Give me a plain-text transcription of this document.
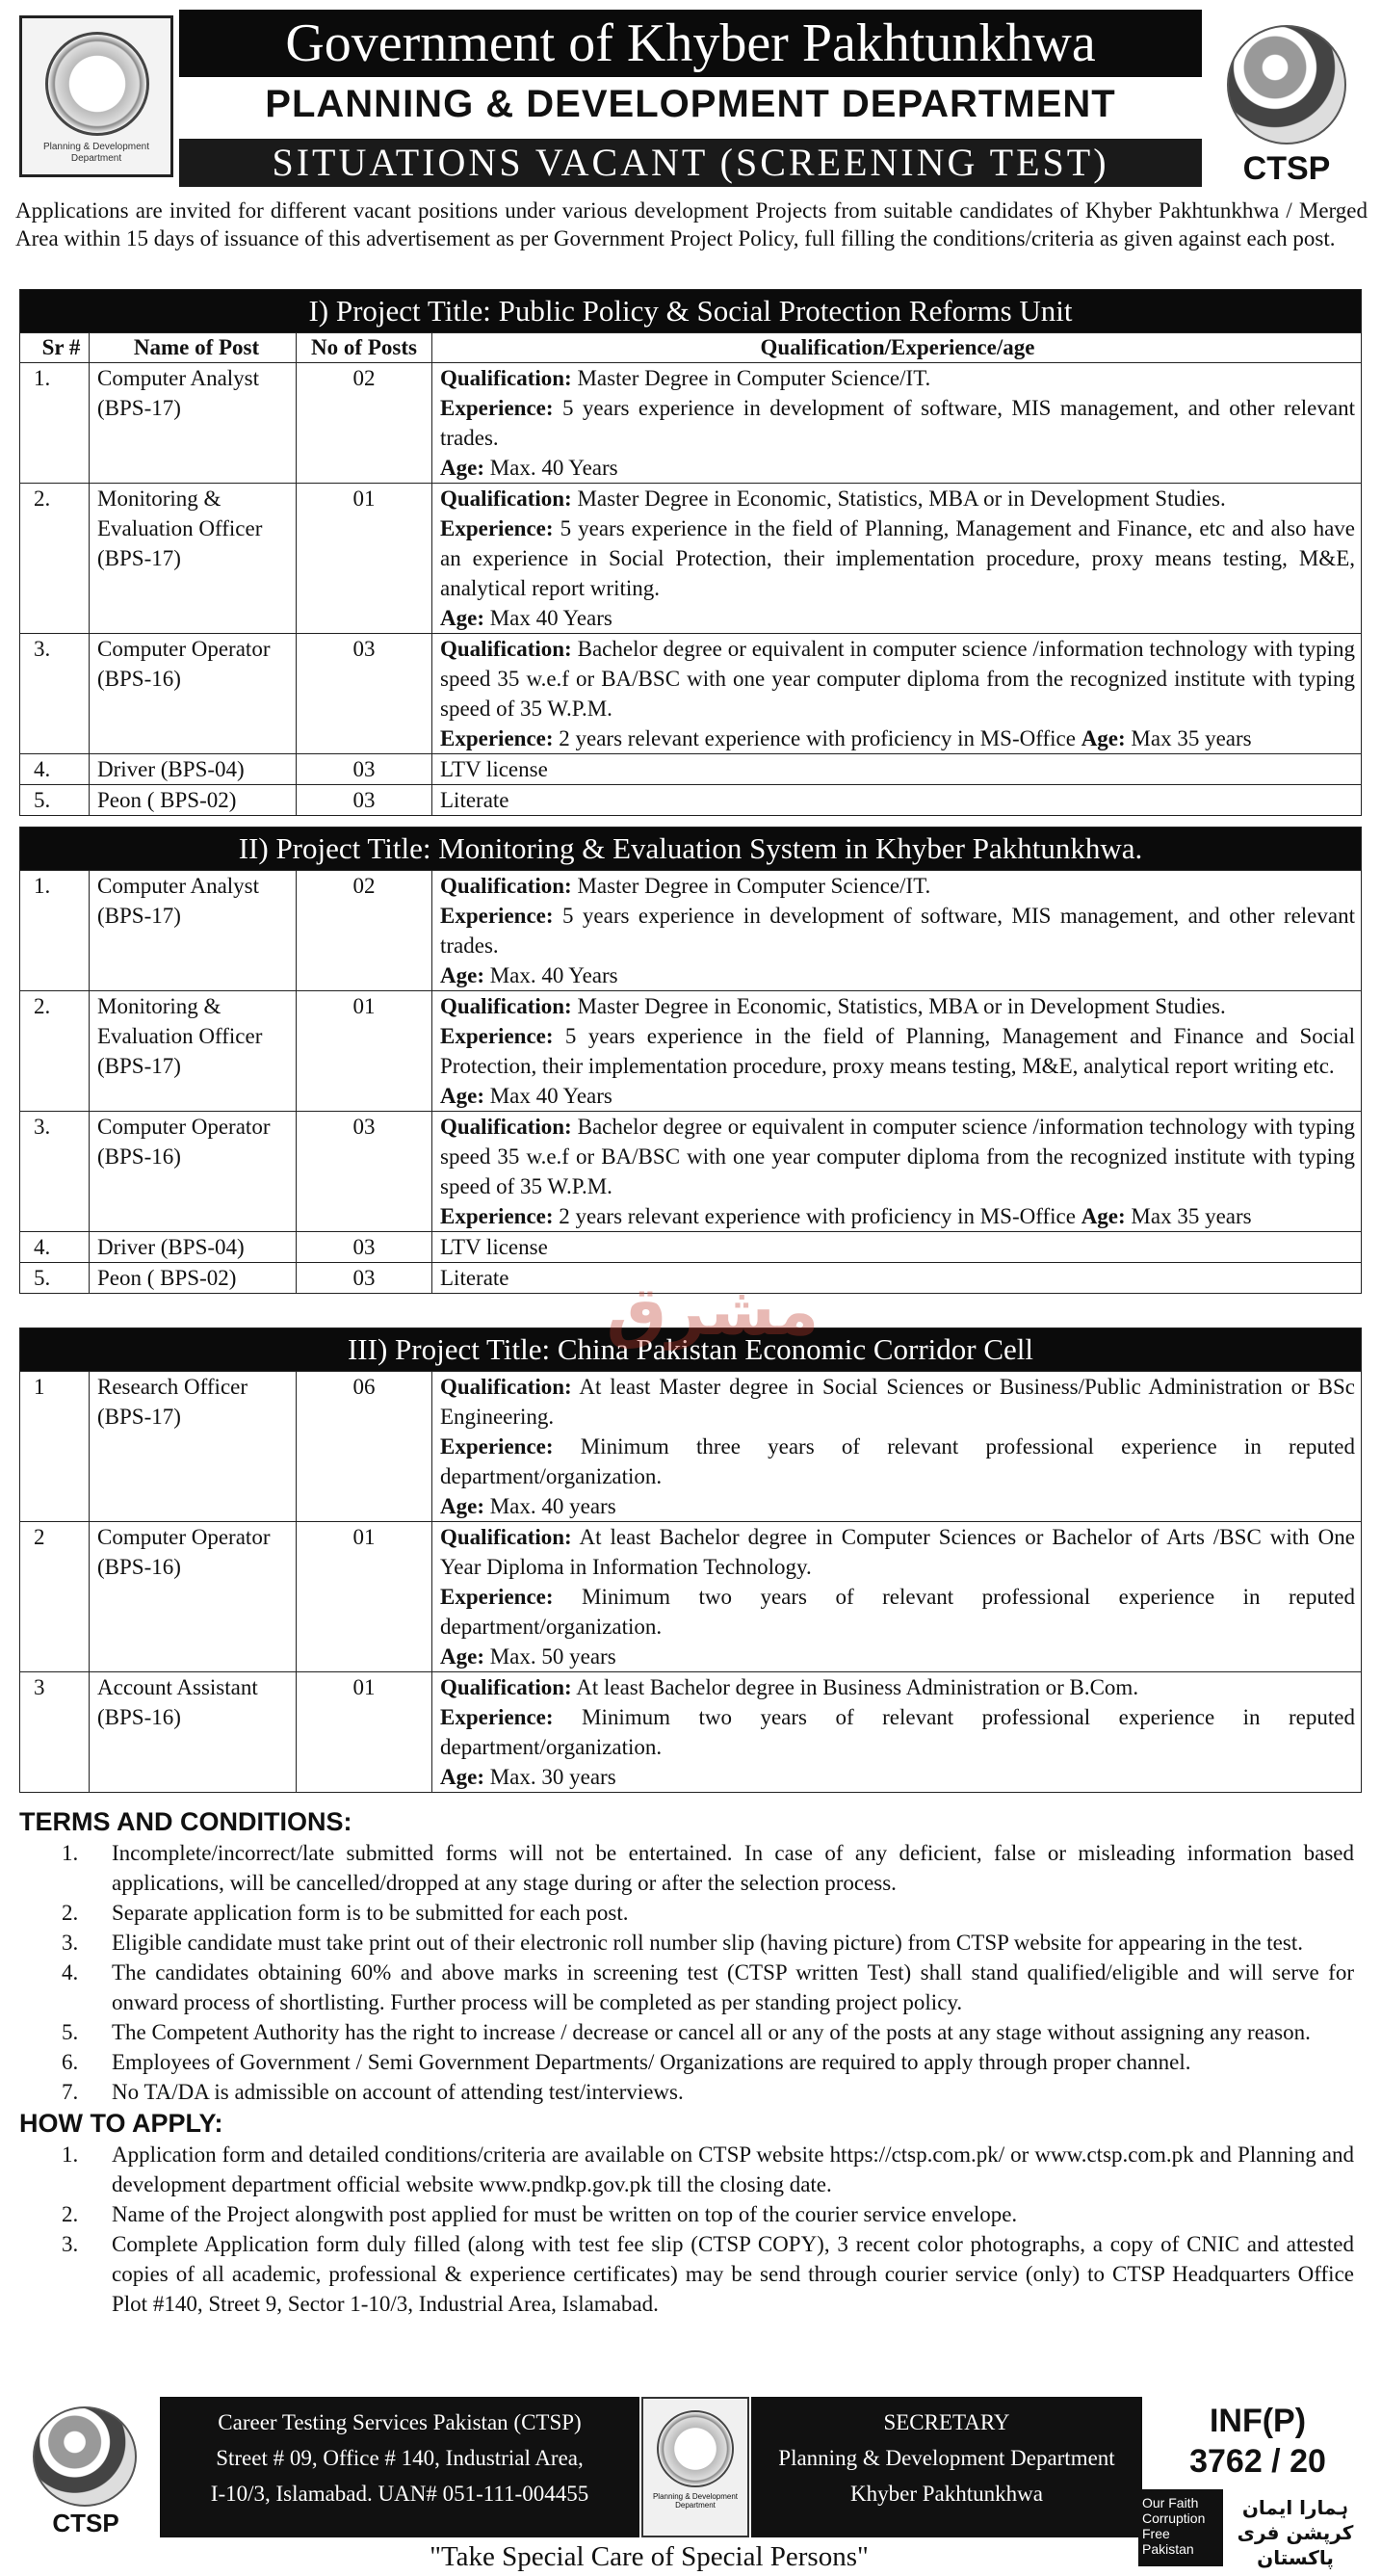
Planning & Development Department
Government of Khyber Pakhtunkhwa
PLANNING & DEVELOPMENT DEPARTMENT
SITUATIONS VACANT (SCREENING TEST)	CTSP
Applications are invited for different vacant positions under various development Projects from suitable candidates of Khyber Pakhtunkhwa / Merged Area within 15 days of issuance of this advertisement as per Government Project Policy, full filling the conditions/criteria as given against each post.
I) Project Title: Public Policy & Social Protection Reforms Unit			
Sr #	Name of Post	No of Posts	Qualification/Experience/age
1.	Computer Analyst (BPS-17)	02	Qualification: Master Degree in Computer Science/IT.
Experience: 5 years experience in development of software, MIS management, and other relevant trades.
Age: Max. 40 Years

2.	Monitoring & Evaluation Officer (BPS-17)	01	Qualification: Master Degree in Economic, Statistics, MBA or in Development Studies.
Experience: 5 years experience in the field of Planning, Management and Finance, etc and also have an experience in Social Protection, their implementation procedure, proxy means testing, M&E, analytical report writing.
Age: Max 40 Years

3.	Computer Operator (BPS-16)	03	Qualification: Bachelor degree or equivalent in computer science /information technology with typing speed 35 w.e.f or BA/BSC with one year computer diploma from the recognized institute with typing speed of 35 W.P.M.
Experience: 2 years relevant experience with proficiency in MS-Office Age: Max 35 years

4.	Driver (BPS-04)	03	LTV license
5.	Peon ( BPS-02)	03	Literate
II) Project Title: Monitoring & Evaluation System in Khyber Pakhtunkhwa.			
1.	Computer Analyst (BPS-17)	02	Qualification: Master Degree in Computer Science/IT.
Experience: 5 years experience in development of software, MIS management, and other relevant trades.
Age: Max. 40 Years

2.	Monitoring & Evaluation Officer (BPS-17)	01	Qualification: Master Degree in Economic, Statistics, MBA or in Development Studies.
Experience: 5 years experience in the field of Planning, Management and Finance and Social Protection, their implementation procedure, proxy means testing, M&E, analytical report writing etc.
Age: Max 40 Years

3.	Computer Operator (BPS-16)	03	Qualification: Bachelor degree or equivalent in computer science /information technology with typing speed 35 w.e.f or BA/BSC with one year computer diploma from the recognized institute with typing speed of 35 W.P.M.
Experience: 2 years relevant experience with proficiency in MS-Office Age: Max 35 years

4.	Driver (BPS-04)	03	LTV license
5.	Peon ( BPS-02)	03	Literate
III) Project Title: China Pakistan Economic Corridor Cell			
1	Research Officer (BPS-17)	06	Qualification: At least Master degree in Social Sciences or Business/Public Administration or BSc Engineering.
Experience: Minimum three years of relevant professional experience in reputed department/organization.
Age: Max. 40 years

2	Computer Operator (BPS-16)	01	Qualification: At least Bachelor degree in Computer Sciences or Bachelor of Arts /BSC with One Year Diploma in Information Technology.
Experience: Minimum two years of relevant professional experience in reputed department/organization.
Age: Max. 50 years

3	Account Assistant (BPS-16)	01	Qualification: At least Bachelor degree in Business Administration or B.Com.
Experience: Minimum two years of relevant professional experience in reputed department/organization.
Age: Max. 30 years
TERMS AND CONDITIONS:
1.	Incomplete/incorrect/late submitted forms will not be entertained. In case of any deficient, false or misleading information based applications, will be cancelled/dropped at any stage during or after the selection process.
2.	Separate application form is to be submitted for each post.
3.	Eligible candidate must take print out of their electronic roll number slip (having picture) from CTSP website for appearing in the test.
4.	The candidates obtaining 60% and above marks in screening test (CTSP written Test) shall stand qualified/eligible and will serve for onward process of shortlisting. Further process will be completed as per standing project policy.
5.	The Competent Authority has the right to increase / decrease or cancel all or any of the posts at any stage without assigning any reason.
6.	Employees of Government / Semi Government Departments/ Organizations are required to apply through proper channel.
7.	No TA/DA is admissible on account of attending test/interviews.
HOW TO APPLY:
1.	Application form and detailed conditions/criteria are available on CTSP website https://ctsp.com.pk/ or www.ctsp.com.pk and Planning and development department official website www.pndkp.gov.pk till the closing date.
2.	Name of the Project alongwith post applied for must be written on top of the courier service envelope.
3.	Complete Application form duly filled (along with test fee slip (CTSP COPY), 3 recent color photographs, a copy of CNIC and attested copies of all academic, professional & experience certificates) may be send through courier service (only) to CTSP Headquarters Office Plot #140, Street 9, Sector 1-10/3, Industrial Area, Islamabad.
مشرق
CTSP
Career Testing Services Pakistan (CTSP)
Street # 09, Office # 140, Industrial Area,
I-10/3, Islamabad. UAN# 051-111-004455	Planning & Development Department
SECRETARY
Planning & Development Department
Khyber Pakhtunkhwa
INF(P)
3762 / 20
Our Faith Corruption Free Pakistan
ہمارا ایمان کرپشن فری پاکستان
"Take Special Care of Special Persons"
